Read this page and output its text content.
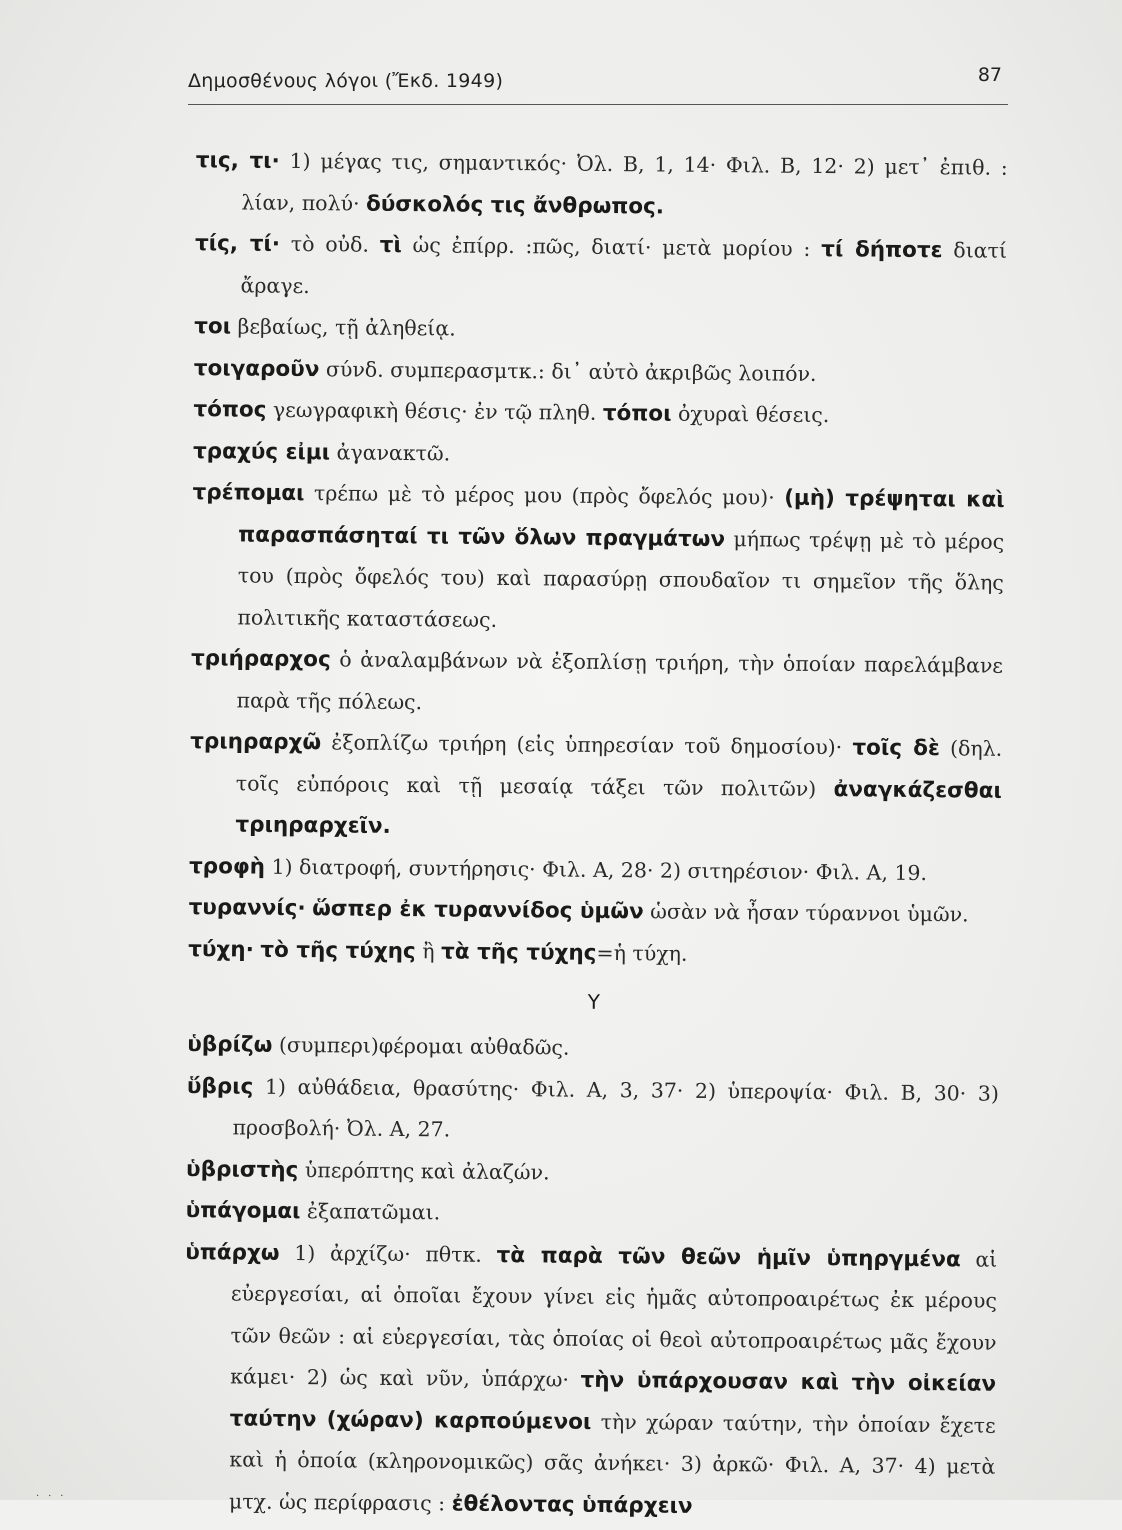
Δημοσθένους λόγοι (Ἔκδ. 1949)	87

τις, τι· 1) μέγας τις, σημαντικός· Ὀλ. Β, 1, 14· Φιλ. Β, 12· 2) μετ᾽ ἐπιθ. : λίαν, πολύ· δύσκολός τις ἄνθρωπος.

τίς, τί· τὸ οὐδ. τὶ ὡς ἐπίρρ. :πῶς, διατί· μετὰ μορίου : τί δήποτε διατί ἄραγε.

τοι βεβαίως, τῇ ἀληθείᾳ.

τοιγαροῦν σύνδ. συμπερασμτκ.: δι᾽ αὐτὸ ἀκριβῶς λοιπόν.

τόπος γεωγραφικὴ θέσις· ἐν τῷ πληθ. τόποι ὀχυραὶ θέσεις.

τραχύς εἰμι ἀγανακτῶ.

τρέπομαι τρέπω μὲ τὸ μέρος μου (πρὸς ὄφελός μου)· (μὴ) τρέψηται καὶ παρασπάσηταί τι τῶν ὅλων πραγμάτων μήπως τρέψῃ μὲ τὸ μέρος του (πρὸς ὄφελός του) καὶ παρασύρῃ σπουδαῖον τι σημεῖον τῆς ὅλης πολιτικῆς καταστάσεως.

τριήραρχος ὁ ἀναλαμβάνων νὰ ἐξοπλίσῃ τριήρη, τὴν ὁποίαν παρελάμβανε παρὰ τῆς πόλεως.

τριηραρχῶ ἐξοπλίζω τριήρη (εἰς ὑπηρεσίαν τοῦ δημοσίου)· τοῖς δὲ (δηλ. τοῖς εὐπόροις καὶ τῇ μεσαίᾳ τάξει τῶν πολιτῶν) ἀναγκάζεσθαι τριηραρχεῖν.

τροφὴ 1) διατροφή, συντήρησις· Φιλ. Α, 28· 2) σιτηρέσιον· Φιλ. Α, 19.

τυραννίς· ὥσπερ ἐκ τυραννίδος ὑμῶν ὡσὰν νὰ ἦσαν τύραννοι ὑμῶν.

τύχη· τὸ τῆς τύχης ἢ τὰ τῆς τύχης=ἡ τύχη.

Υ

ὑβρίζω (συμπερι)φέρομαι αὐθαδῶς.

ὕβρις 1) αὐθάδεια, θρασύτης· Φιλ. Α, 3, 37· 2) ὑπεροψία· Φιλ. Β, 30· 3) προσβολή· Ὀλ. Α, 27.

ὑβριστὴς ὑπερόπτης καὶ ἀλαζών.

ὑπάγομαι ἐξαπατῶμαι.

ὑπάρχω 1) ἀρχίζω· πθτκ. τὰ παρὰ τῶν θεῶν ἡμῖν ὑπηργμένα αἱ εὐεργεσίαι, αἱ ὁποῖαι ἔχουν γίνει εἰς ἡμᾶς αὐτοπροαιρέτως ἐκ μέρους τῶν θεῶν : αἱ εὐεργεσίαι, τὰς ὁποίας οἱ θεοὶ αὐτοπροαιρέτως μᾶς ἔχουν κάμει· 2) ὡς καὶ νῦν, ὑπάρχω· τὴν ὑπάρχουσαν καὶ τὴν οἰκείαν ταύτην (χώραν) καρπούμενοι τὴν χώραν ταύτην, τὴν ὁποίαν ἔχετε καὶ ἡ ὁποία (κληρονομικῶς) σᾶς ἀνήκει· 3) ἀρκῶ· Φιλ. Α, 37· 4) μετὰ μτχ. ὡς περίφρασις : ἐθέλοντας ὑπάρχειν

· ⸱ ·
